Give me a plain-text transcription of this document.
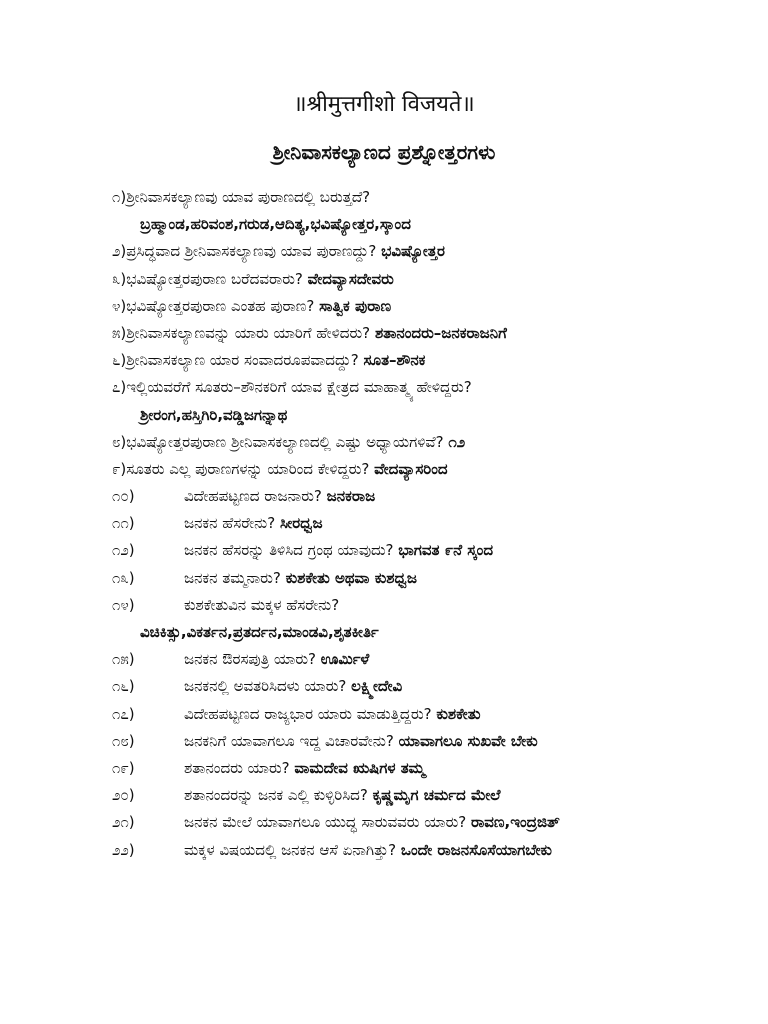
॥श्रीमुत्तगीशो विजयते॥
ಶ್ರೀನಿವಾಸಕಲ್ಯಾಣದ ಪ್ರಶ್ನೋತ್ತರಗಳು
೧) ಶ್ರೀನಿವಾಸಕಲ್ಯಾಣವು ಯಾವ ಪುರಾಣದಲ್ಲಿ ಬರುತ್ತದೆ?
ಬ್ರಹ್ಮಾಂಡ,ಹರಿವಂಶ,ಗರುಡ,ಆದಿತ್ಯ,ಭವಿಷ್ಯೋತ್ತರ,ಸ್ಕಾಂದ
೨) ಪ್ರಸಿದ್ಧವಾದ ಶ್ರೀನಿವಾಸಕಲ್ಯಾಣವು ಯಾವ ಪುರಾಣದ್ದು?
ಭವಿಷ್ಯೋತ್ತರ
೩) ಭವಿಷ್ಯೋತ್ತರಪುರಾಣ ಬರೆದವರಾರು?
ವೇದವ್ಯಾಸದೇವರು
೪) ಭವಿಷ್ಯೋತ್ತರಪುರಾಣ ಎಂತಹ ಪುರಾಣ?
ಸಾತ್ವಿಕ ಪುರಾಣ
೫) ಶ್ರೀನಿವಾಸಕಲ್ಯಾಣವನ್ನು ಯಾರು ಯಾರಿಗೆ ಹೇಳಿದರು?
ಶತಾನಂದರು–ಜನಕರಾಜನಿಗೆ
೬) ಶ್ರೀನಿವಾಸಕಲ್ಯಾಣ ಯಾರ ಸಂವಾದರೂಪವಾದದ್ದು?
ಸೂತ–ಶೌನಕ
೭) ಇಲ್ಲಿಯವರೆಗೆ ಸೂತರು–ಶೌನಕರಿಗೆ ಯಾವ ಕ್ಷೇತ್ರದ ಮಾಹಾತ್ಮ್ಯ ಹೇಳಿದ್ದರು?
ಶ್ರೀರಂಗ,ಹಸ್ತಿಗಿರಿ,ವಡ್ಡಿಜಗನ್ನಾಥ
೮) ಭವಿಷ್ಯೋತ್ತರಪುರಾಣ ಶ್ರೀನಿವಾಸಕಲ್ಯಾಣದಲ್ಲಿ ಎಷ್ಟು ಅಧ್ಯಾಯಗಳಿವೆ?
೧೨
೯) ಸೂತರು ಎಲ್ಲ ಪುರಾಣಗಳನ್ನು ಯಾರಿಂದ ಕೇಳಿದ್ದರು?
ವೇದವ್ಯಾಸರಿಂದ
೧೦)	ವಿದೇಹಪಟ್ಟಣದ ರಾಜನಾರು?
ಜನಕರಾಜ
೧೧)	ಜನಕನ ಹೆಸರೇನು?
ಸೀರಧ್ವಜ
೧೨)	ಜನಕನ ಹೆಸರನ್ನು ತಿಳಿಸಿದ ಗ್ರಂಥ ಯಾವುದು?
ಭಾಗವತ ೯ನೆ ಸ್ಕಂದ
೧೩)	ಜನಕನ ತಮ್ಮನಾರು?
ಕುಶಕೇತು ಅಥವಾ ಕುಶಧ್ವಜ
೧೪)	ಕುಶಕೇತುವಿನ ಮಕ್ಕಳ ಹೆಸರೇನು?
ವಿಚಿಕಿತ್ಸು,ವಿಕರ್ತನ,ಪ್ರತರ್ದನ,ಮಾಂಡವಿ,ಶೃತಕೀರ್ತಿ
೧೫)	ಜನಕನ ಔರಸಪುತ್ರಿ ಯಾರು?
ಊರ್ಮಿಳೆ
೧೬)	ಜನಕನಲ್ಲಿ ಅವತರಿಸಿದಳು ಯಾರು?
ಲಕ್ಷ್ಮೀದೇವಿ
೧೭)	ವಿದೇಹಪಟ್ಟಣದ ರಾಜ್ಯಭಾರ ಯಾರು ಮಾಡುತ್ತಿದ್ದರು?
ಕುಶಕೇತು
೧೮)	ಜನಕನಿಗೆ ಯಾವಾಗಲೂ ಇದ್ದ ವಿಚಾರವೇನು?
ಯಾವಾಗಲೂ ಸುಖವೇ ಬೇಕು
೧೯)	ಶತಾನಂದರು ಯಾರು?
ವಾಮದೇವ ಋಷಿಗಳ ತಮ್ಮ
೨೦)	ಶತಾನಂದರನ್ನು ಜನಕ ಎಲ್ಲಿ ಕುಳ್ಳಿರಿಸಿದ?
ಕೃಷ್ಣಮೃಗ ಚರ್ಮದ ಮೇಲೆ
೨೧)	ಜನಕನ ಮೇಲೆ ಯಾವಾಗಲೂ ಯುದ್ಧ ಸಾರುವವರು ಯಾರು?
ರಾವಣ,ಇಂದ್ರಜಿತ್
೨೨)	ಮಕ್ಕಳ ವಿಷಯದಲ್ಲಿ ಜನಕನ ಆಸೆ ಏನಾಗಿತ್ತು?
ಒಂದೇ ರಾಜನಸೊಸೆಯಾಗಬೇಕು
